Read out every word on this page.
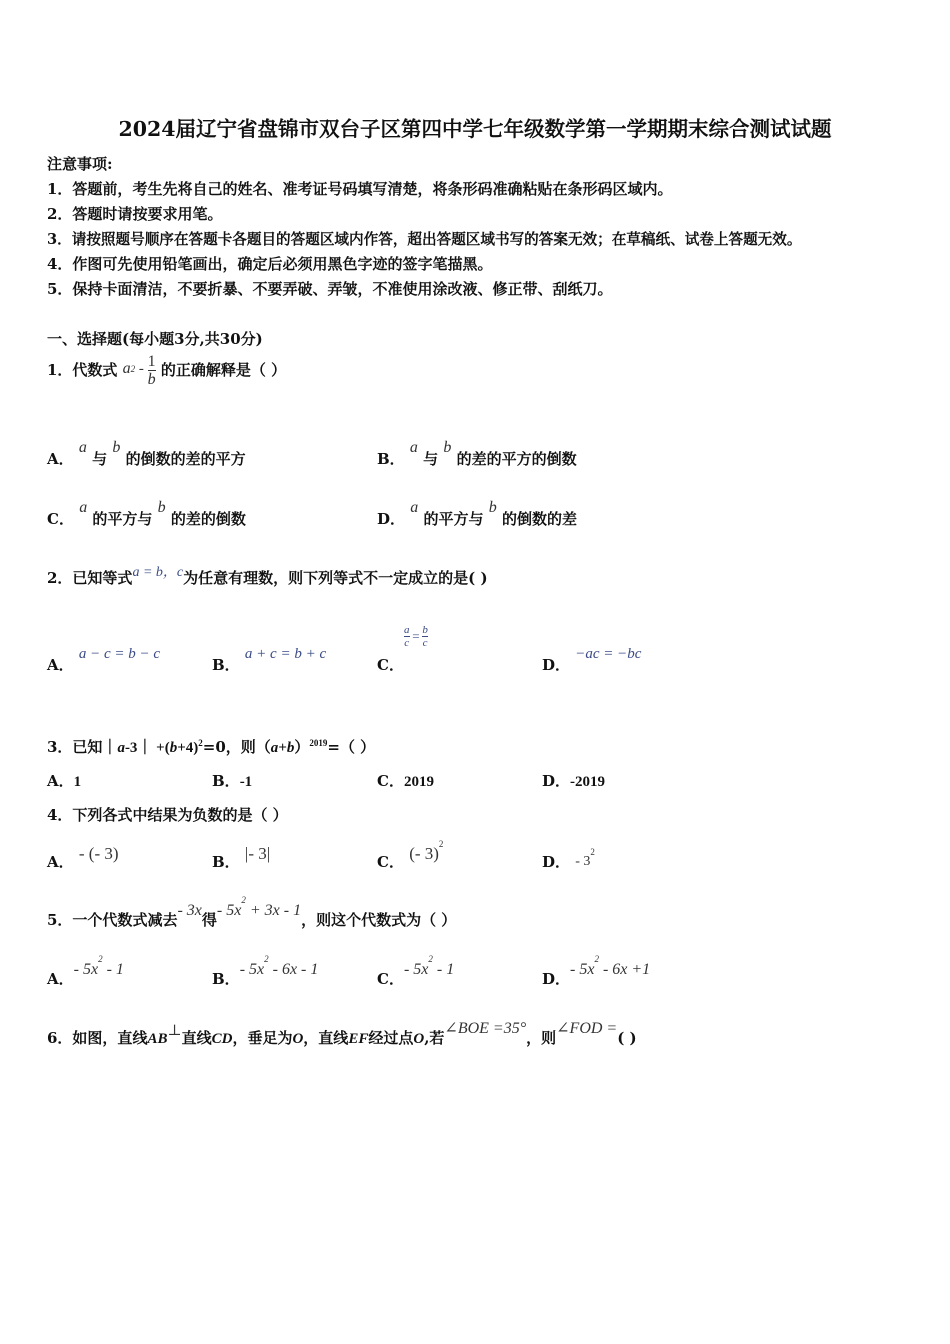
2024届辽宁省盘锦市双台子区第四中学七年级数学第一学期期末综合测试试题
注意事项:
1．答题前，考生先将自己的姓名、准考证号码填写清楚，将条形码准确粘贴在条形码区域内。
2．答题时请按要求用笔。
3．请按照题号顺序在答题卡各题目的答题区域内作答，超出答题区域书写的答案无效；在草稿纸、试卷上答题无效。
4．作图可先使用铅笔画出，确定后必须用黑色字迹的签字笔描黑。
5．保持卡面清洁，不要折暴、不要弄破、弄皱，不准使用涂改液、修正带、刮纸刀。
一、选择题(每小题3分,共30分)
1．代数式 $a^2 - \frac{1}{b}$ 的正确解释是（ ）
A． a 与 b 的倒数的差的平方	B． a 与 b 的差的平方的倒数
C． a 的平方与 b 的差的倒数	D． a 的平方与 b 的倒数的差
2．已知等式a = b，c为任意有理数，则下列等式不一定成立的是( )
A． a − c = b − c
B． a + c = b + c
C．
$\frac{a}{c} = \frac{b}{c}$
D． −ac = −bc
3．已知｜a-3｜ $+(b+4)^2=0$，则$(a+b)^{2019}=$（ ）
A．1	B．-1	C．2019	D．-2019
4．下列各式中结果为负数的是（ ）
A． - (- 3)	B． |- 3|	C． (- 3)$^2$
D． - $3^2$
5．一个代数式减去- 3x得- $5x^2 + 3x - 1$，则这个代数式为（ ）
A．- $5x^2 - 1$
B．- $5x^2 - 6x - 1$
C．- $5x^2 - 1$
D．- $5x^2 - 6x +1$
6．如图，直线AB⊥直线CD，垂足为O，直线EF经过点O,若∠BOE =35°，则∠FOD =( )
